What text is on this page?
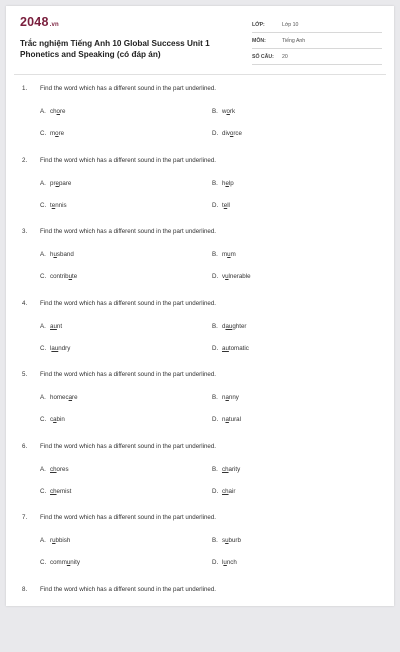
2048.vn
Trắc nghiệm Tiếng Anh 10 Global Success Unit 1 Phonetics and Speaking (có đáp án)
LỚP:	Lớp 10
MÔN:	Tiếng Anh
SỐ CÂU: 20
1. Find the word which has a different sound in the part underlined.
A. chore	B. work
C. more	D. divorce
2. Find the word which has a different sound in the part underlined.
A. prepare	B. help
C. tennis	D. tell
3. Find the word which has a different sound in the part underlined.
A. husband	B. mum
C. contribute	D. vulnerable
4. Find the word which has a different sound in the part underlined.
A. aunt	B. daughter
C. laundry	D. automatic
5. Find the word which has a different sound in the part underlined.
A. homecare	B. nanny
C. cabin	D. natural
6. Find the word which has a different sound in the part underlined.
A. chores	B. charity
C. chemist	D. chair
7. Find the word which has a different sound in the part underlined.
A. rubbish	B. suburb
C. community	D. lunch
8. Find the word which has a different sound in the part underlined.
